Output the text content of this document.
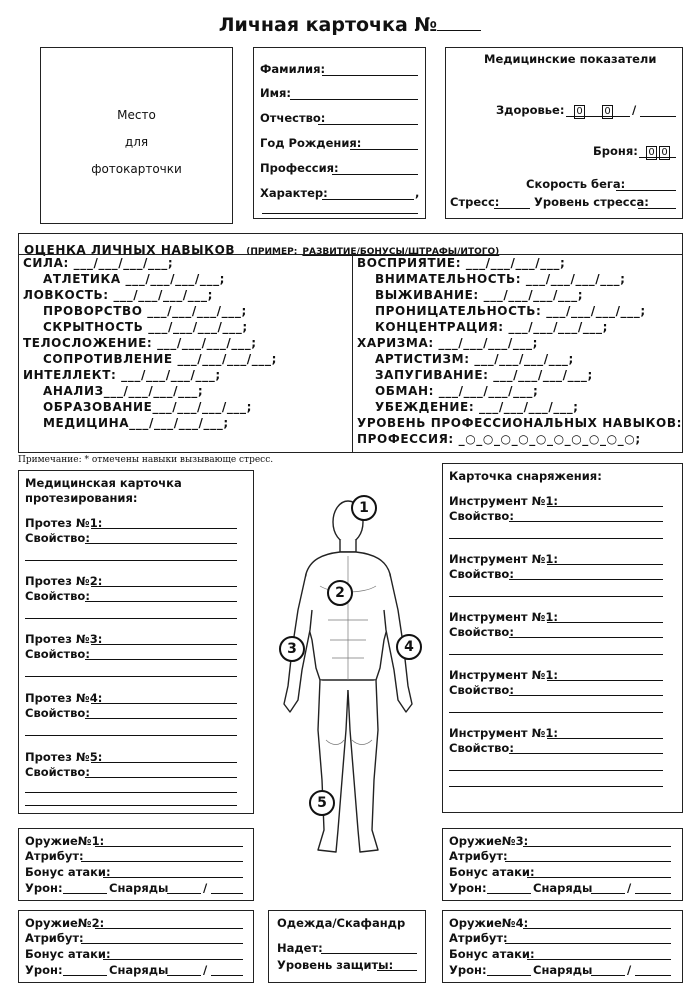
Личная карточка №
Место
для
фотокарточки
Фамилия:
Имя:
Отчество:
Год Рождения:
Профессия:
Характер:	,
Медицинские показатели
Здоровье:	0	0 /
Броня:	0 0
Скорость бега:
Стресс:	Уровень стресса:
ОЦЕНКА ЛИЧНЫХ НАВЫКОВ (ПРИМЕР: РАЗВИТИЕ/БОНУСЫ/ШТРАФЫ/ИТОГО)
СИЛА: ___/___/___/___;
АТЛЕТИКА ___/___/___/___;
ЛОВКОСТЬ: ___/___/___/___;
ПРОВОРСТВО ___/___/___/___;
СКРЫТНОСТЬ ___/___/___/___;
ТЕЛОСЛОЖЕНИЕ: ___/___/___/___;
СОПРОТИВЛЕНИЕ ___/___/___/___;
ИНТЕЛЛЕКТ: ___/___/___/___;
АНАЛИЗ___/___/___/___;
ОБРАЗОВАНИЕ___/___/___/___;
МЕДИЦИНА___/___/___/___;
ВОСПРИЯТИЕ: ___/___/___/___;
ВНИМАТЕЛЬНОСТЬ: ___/___/___/___;
ВЫЖИВАНИЕ: ___/___/___/___;
ПРОНИЦАТЕЛЬНОСТЬ: ___/___/___/___;
КОНЦЕНТРАЦИЯ: ___/___/___/___;
ХАРИЗМА: ___/___/___/___;
АРТИСТИЗМ: ___/___/___/___;
ЗАПУГИВАНИЕ: ___/___/___/___;
ОБМАН: ___/___/___/___;
УБЕЖДЕНИЕ: ___/___/___/___;
УРОВЕНЬ ПРОФЕССИОНАЛЬНЫХ НАВЫКОВ:
ПРОФЕССИЯ: _○_○_○_○_○_○_○_○_○_○;
Примечание: * отмечены навыки вызывающе стресс.
Медицинская карточка
протезирования:
Протез №1:
Свойство:
Протез №2:
Свойство:
Протез №3:
Свойство:
Протез №4:
Свойство:
Протез №5:
Свойство:
1
2
3	4
5
Карточка снаряжения:
Инструмент №1:
Свойство:
Инструмент №1:
Свойство:
Инструмент №1:
Свойство:
Инструмент №1:
Свойство:
Инструмент №1:
Свойство:
Оружие№1:
Атрибут:
Бонус атаки:
Урон:	Снаряды	/
Оружие№2:
Атрибут:
Бонус атаки:
Урон:	Снаряды	/
Одежда/Скафандр
Надет:
Уровень защиты:
Оружие№3:
Атрибут:
Бонус атаки:
Урон:	Снаряды	/
Оружие№4:
Атрибут:
Бонус атаки:
Урон:	Снаряды	/
